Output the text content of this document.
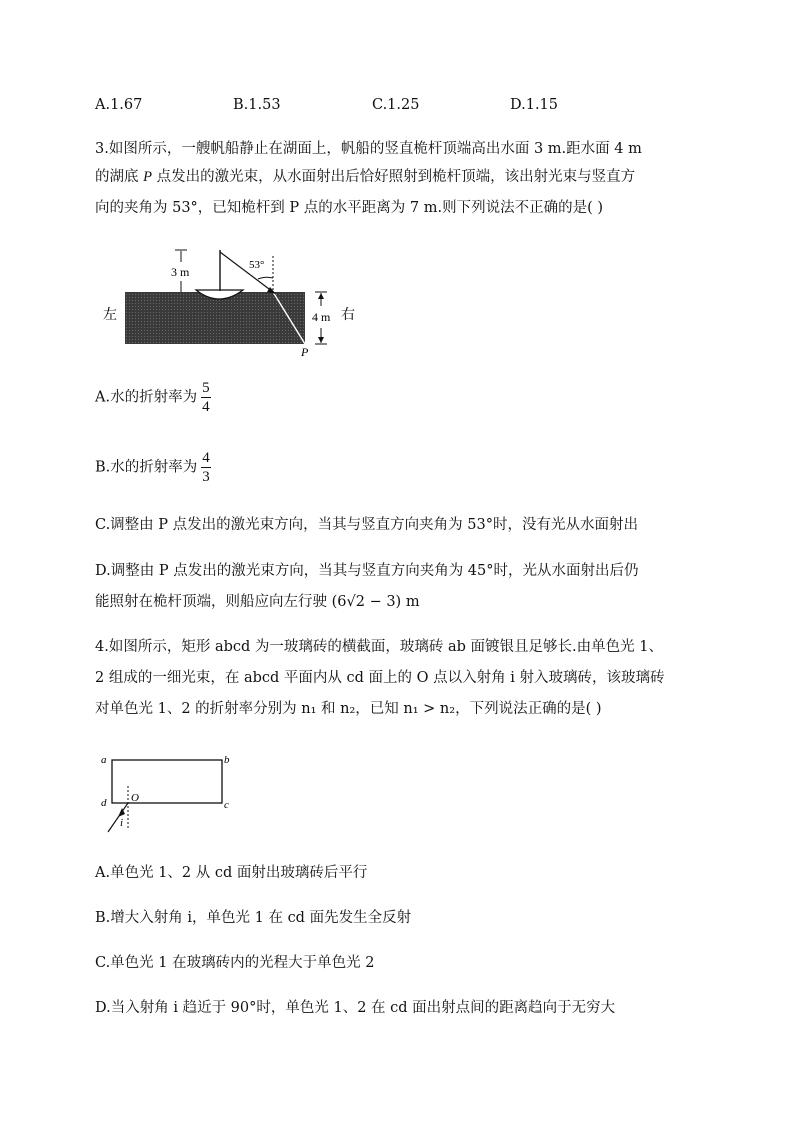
A.1.67	B.1.53	C.1.25	D.1.15
3.如图所示，一艘帆船静止在湖面上，帆船的竖直桅杆顶端高出水面 3 m.距水面 4 m
的湖底 P 点发出的激光束，从水面射出后恰好照射到桅杆顶端，该出射光束与竖直方
向的夹角为 53°，已知桅杆到 P 点的水平距离为 7 m.则下列说法不正确的是( )
3 m	53°
4 m
左	右
P
A.水的折射率为 $\frac{5}{4}$
B.水的折射率为 $\frac{4}{3}$
C.调整由 P 点发出的激光束方向，当其与竖直方向夹角为 53°时，没有光从水面射出
D.调整由 P 点发出的激光束方向，当其与竖直方向夹角为 45°时，光从水面射出后仍
能照射在桅杆顶端，则船应向左行驶 (6√2 − 3) m
4.如图所示，矩形 abcd 为一玻璃砖的横截面，玻璃砖 ab 面镀银且足够长.由单色光 1、
2 组成的一细光束，在 abcd 平面内从 cd 面上的 O 点以入射角 i 射入玻璃砖，该玻璃砖
对单色光 1、2 的折射率分别为 n₁ 和 n₂，已知 n₁ > n₂，下列说法正确的是( )
a	b
c
d O
i
A.单色光 1、2 从 cd 面射出玻璃砖后平行
B.增大入射角 i，单色光 1 在 cd 面先发生全反射
C.单色光 1 在玻璃砖内的光程大于单色光 2
D.当入射角 i 趋近于 90°时，单色光 1、2 在 cd 面出射点间的距离趋向于无穷大
